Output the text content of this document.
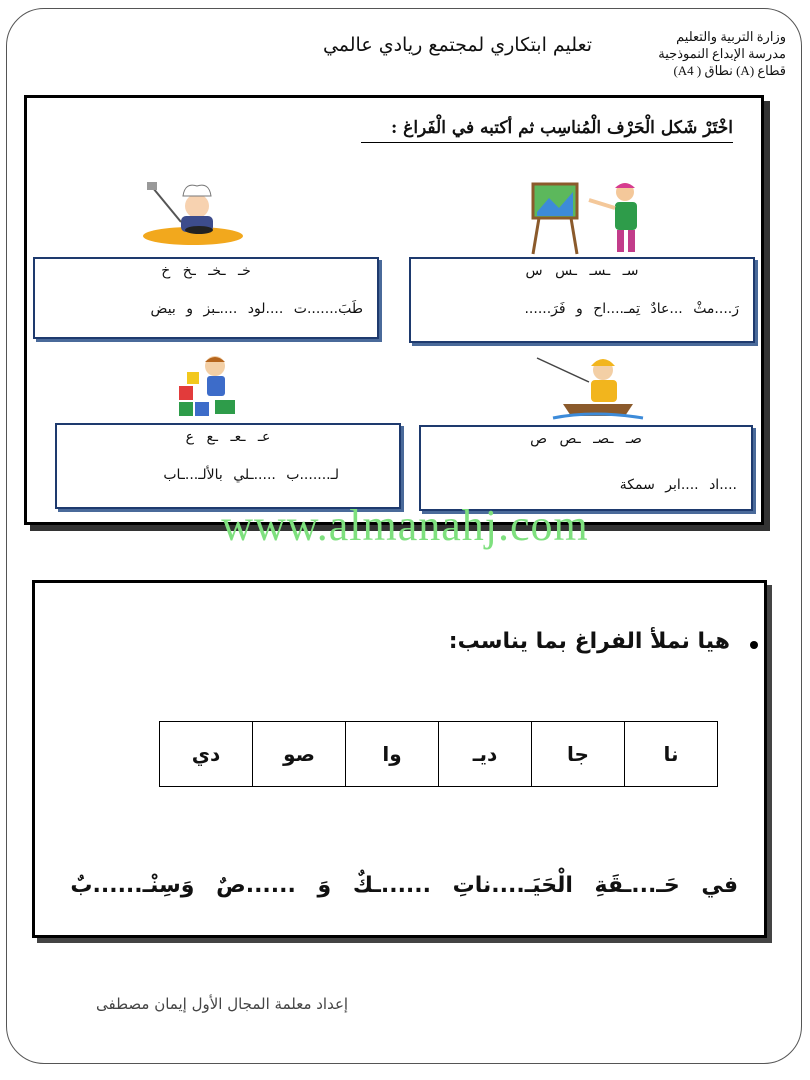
تعليم ابتكاري لمجتمع ريادي عالمي	وزارة التربية والتعليم
مدرسة الإبداع النموذجية
قطاع (A) نطاق ( A4)
اخْتَرْ شَكل الْحَرْف الْمُناسِب ثم أكتبه في الْفَراغ :
سـ ـسـ ـس س
رَ....مثْ ...عادٌ تِمـ....اح و فَرَ......
خـ ـخـ ـخ خ
طَبَ.......ت ....لود ....ـبز و بيض
صـ ـصـ ـص ص
....اد ....ابر سمكة
عـ ـعـ ـع ع
لـ.......ب .....ـلي بالألـ...ـاب
www.almanahj.com
هيا نملأ الفراغ بما يناسب:
نا	جا	ديـ	وا	صو	دي
في حَـ...ـقَةِ الْحَيَـ....ناتِ ......ـكٌ وَ ......صٌ وَسِنْـ......بٌ
إعداد معلمة المجال الأول إيمان مصطفى
